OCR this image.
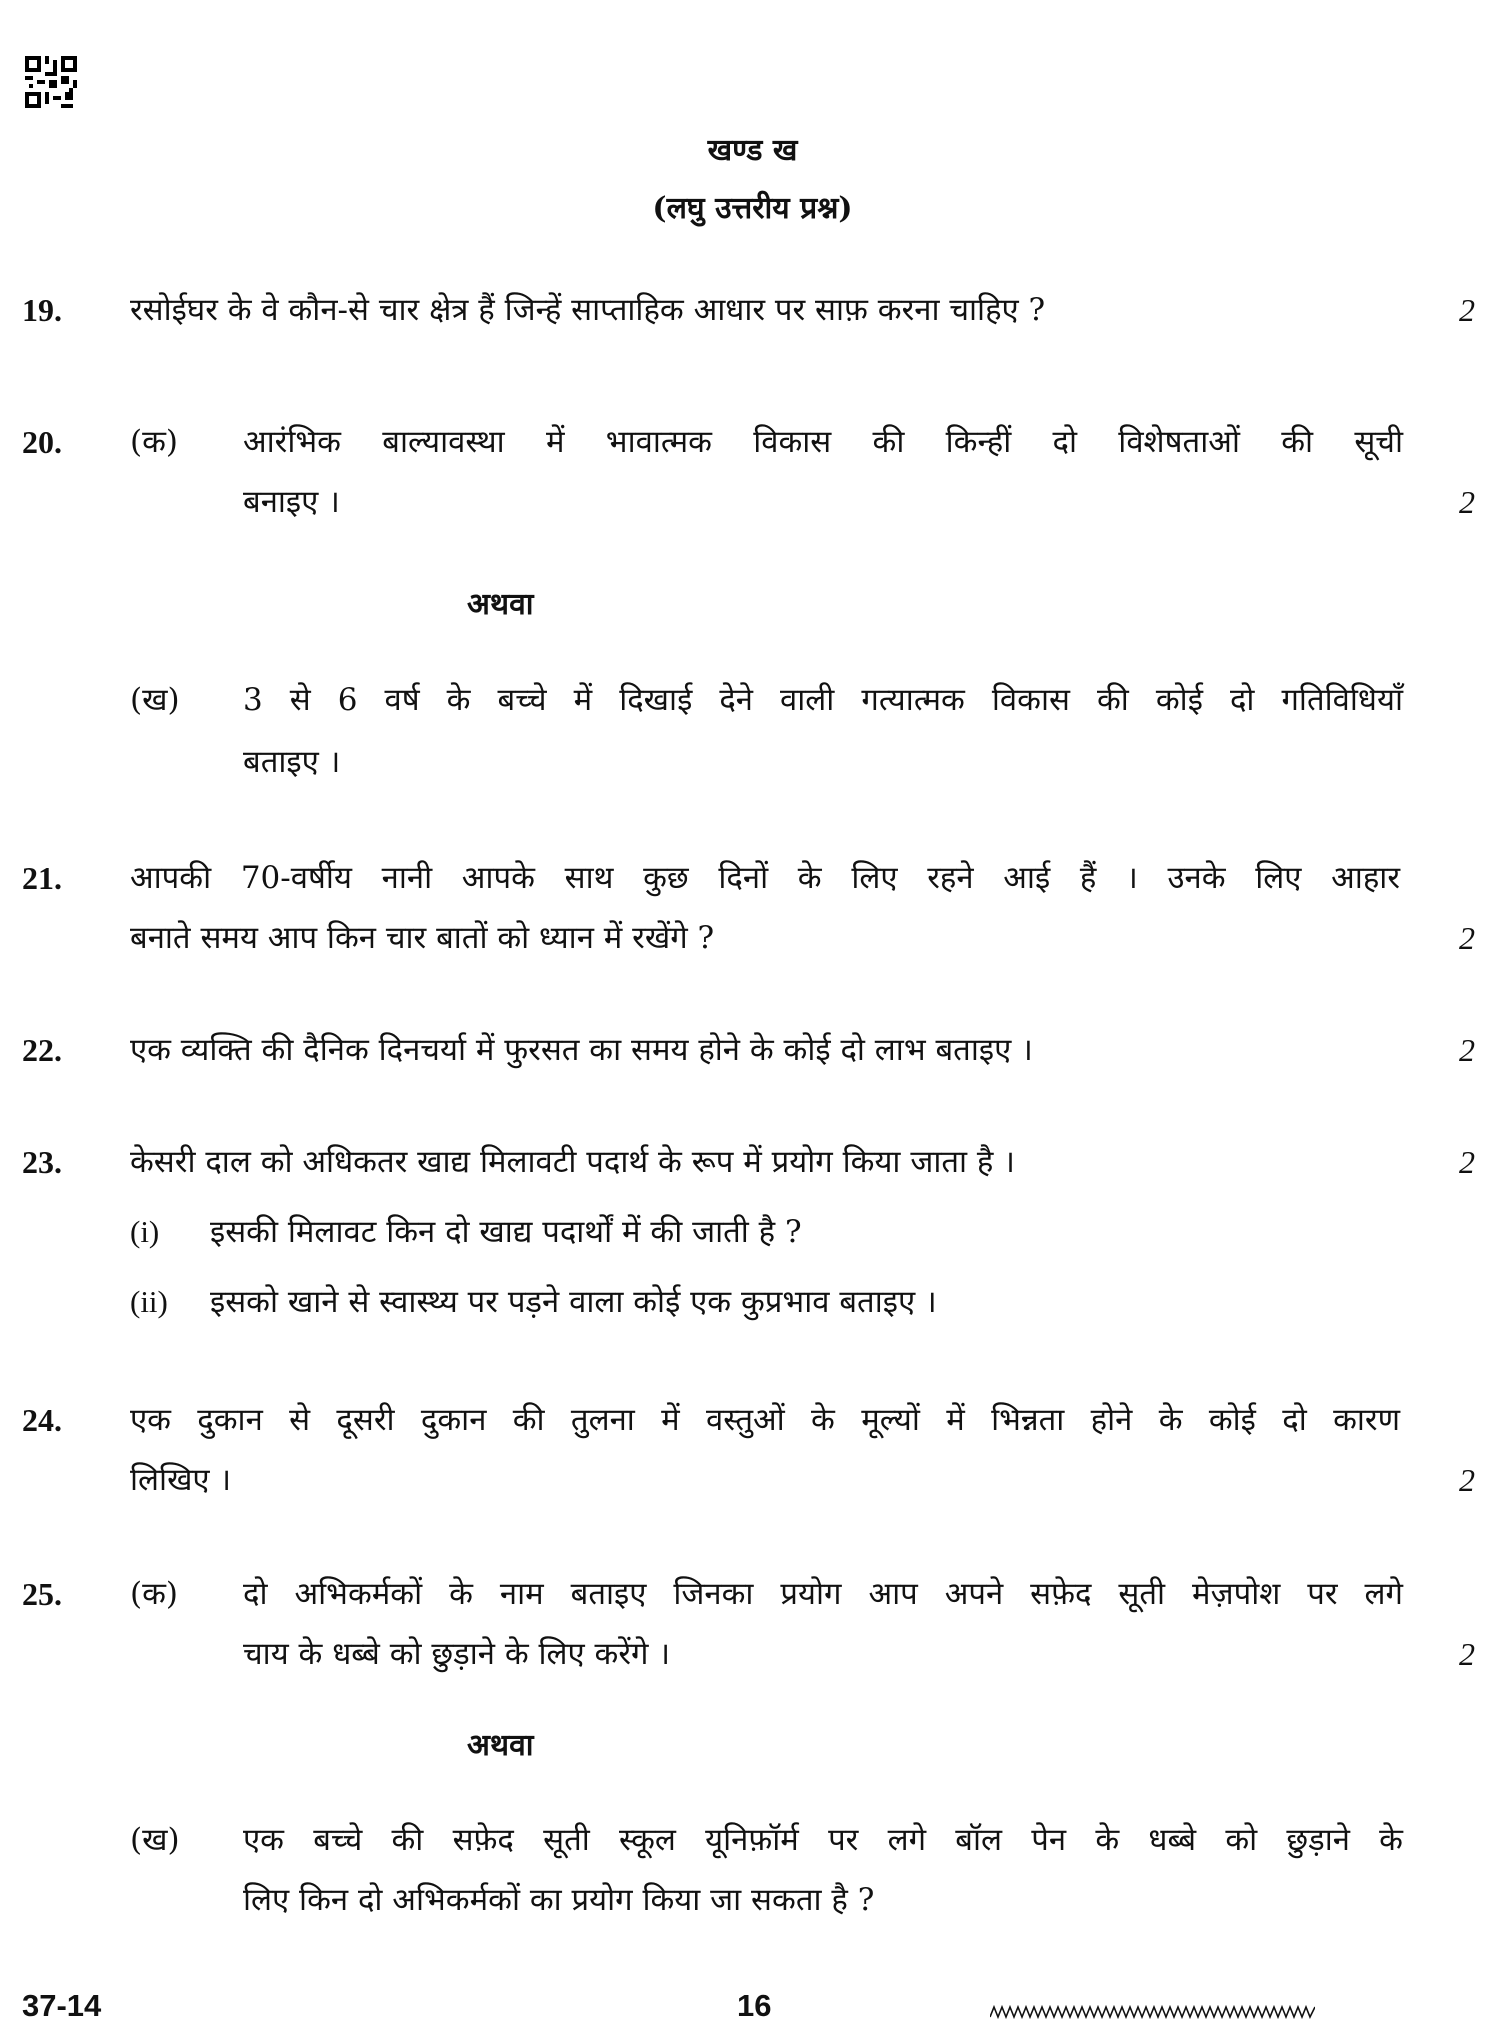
खण्ड ख
(लघु उत्तरीय प्रश्न)
19. रसोईघर के वे कौन-से चार क्षेत्र हैं जिन्हें साप्ताहिक आधार पर साफ़ करना चाहिए ?	2
20. (क) आरंभिक बाल्यावस्था में भावात्मक विकास की किन्हीं दो विशेषताओं की सूची
बनाइए ।	2
अथवा
(ख) 3 से 6 वर्ष के बच्चे में दिखाई देने वाली गत्यात्मक विकास की कोई दो गतिविधियाँ
बताइए ।
21. आपकी 70-वर्षीय नानी आपके साथ कुछ दिनों के लिए रहने आई हैं । उनके लिए आहार
बनाते समय आप किन चार बातों को ध्यान में रखेंगे ?	2
22. एक व्यक्ति की दैनिक दिनचर्या में फुरसत का समय होने के कोई दो लाभ बताइए ।	2
23. केसरी दाल को अधिकतर खाद्य मिलावटी पदार्थ के रूप में प्रयोग किया जाता है ।	2
(i) इसकी मिलावट किन दो खाद्य पदार्थों में की जाती है ?
(ii) इसको खाने से स्वास्थ्य पर पड़ने वाला कोई एक कुप्रभाव बताइए ।
24. एक दुकान से दूसरी दुकान की तुलना में वस्तुओं के मूल्यों में भिन्नता होने के कोई दो कारण
लिखिए ।	2
25. (क) दो अभिकर्मकों के नाम बताइए जिनका प्रयोग आप अपने सफ़ेद सूती मेज़पोश पर लगे
चाय के धब्बे को छुड़ाने के लिए करेंगे ।	2
अथवा
(ख) एक बच्चे की सफ़ेद सूती स्कूल यूनिफ़ॉर्म पर लगे बॉल पेन के धब्बे को छुड़ाने के
लिए किन दो अभिकर्मकों का प्रयोग किया जा सकता है ?
37-14	16
